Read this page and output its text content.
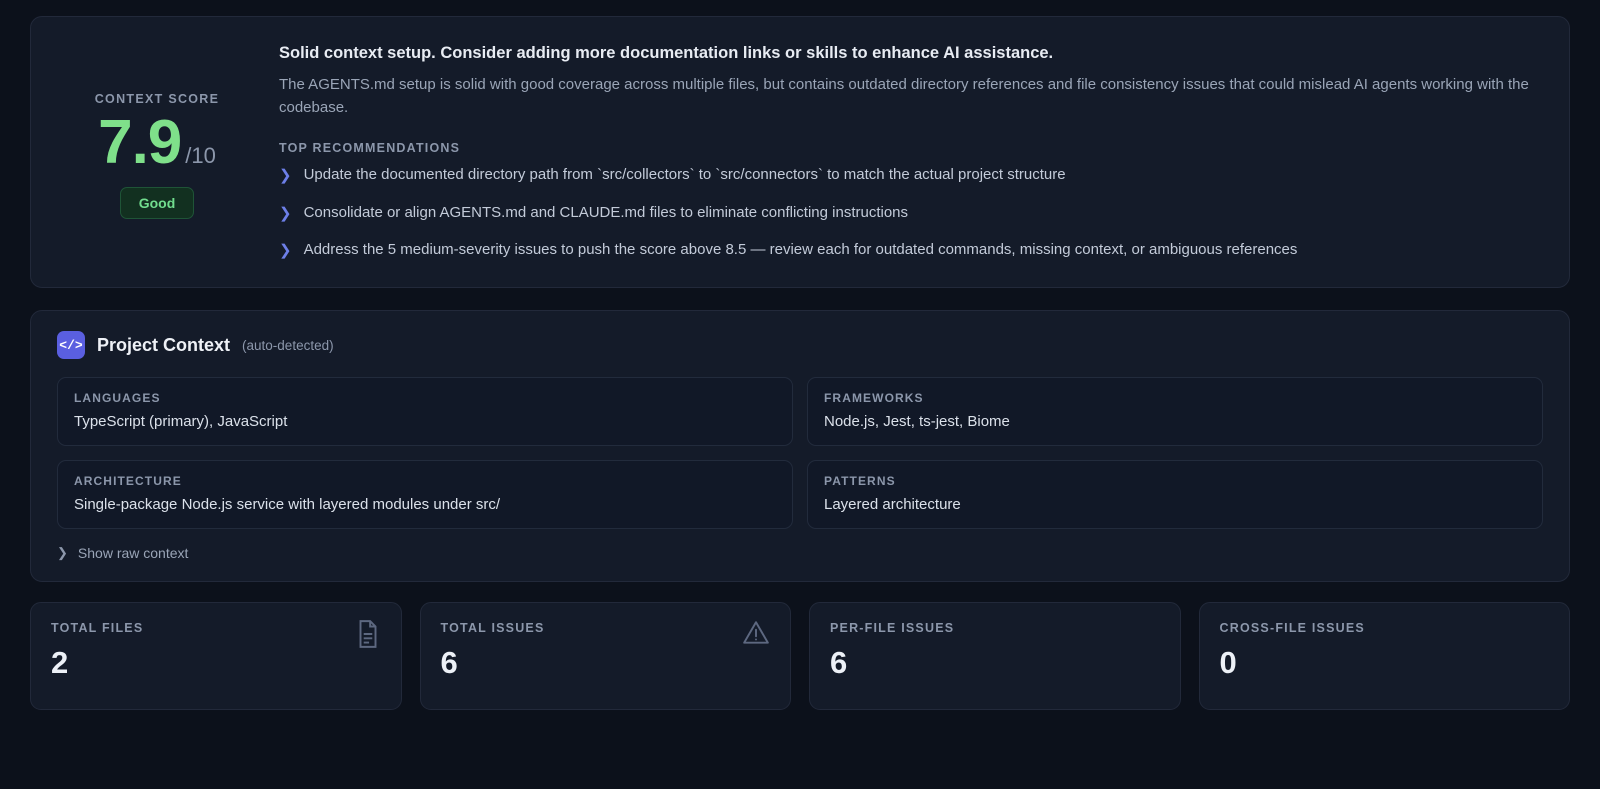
CONTEXT SCORE
7.9 /10
Good
Solid context setup. Consider adding more documentation links or skills to enhance AI assistance.
The AGENTS.md setup is solid with good coverage across multiple files, but contains outdated directory references and file consistency issues that could mislead AI agents working with the codebase.
TOP RECOMMENDATIONS
❯ Update the documented directory path from `src/collectors` to `src/connectors` to match the actual project structure
❯ Consolidate or align AGENTS.md and CLAUDE.md files to eliminate conflicting instructions
❯ Address the 5 medium-severity issues to push the score above 8.5 — review each for outdated commands, missing context, or ambiguous references
</> Project Context (auto-detected)
LANGUAGES
TypeScript (primary), JavaScript
FRAMEWORKS
Node.js, Jest, ts-jest, Biome
ARCHITECTURE
Single-package Node.js service with layered modules under src/
PATTERNS
Layered architecture
❯ Show raw context
TOTAL FILES
2
TOTAL ISSUES
6
PER-FILE ISSUES
6
CROSS-FILE ISSUES
0
